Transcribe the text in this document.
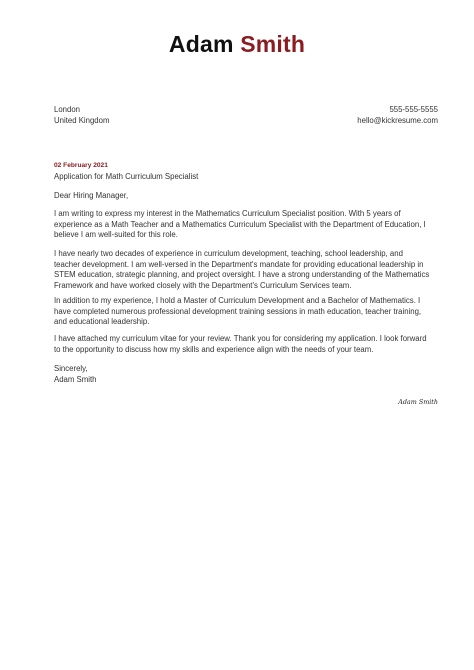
Adam Smith
London
United Kingdom
555-555-5555
hello@kickresume.com
02 February 2021
Application for Math Curriculum Specialist
Dear Hiring Manager,
I am writing to express my interest in the Mathematics Curriculum Specialist position. With 5 years of
experience as a Math Teacher and a Mathematics Curriculum Specialist with the Department of Education, I
believe I am well-suited for this role.
I have nearly two decades of experience in curriculum development, teaching, school leadership, and
teacher development. I am well-versed in the Department's mandate for providing educational leadership in
STEM education, strategic planning, and project oversight. I have a strong understanding of the Mathematics
Framework and have worked closely with the Department's Curriculum Services team.
In addition to my experience, I hold a Master of Curriculum Development and a Bachelor of Mathematics. I
have completed numerous professional development training sessions in math education, teacher training,
and educational leadership.
I have attached my curriculum vitae for your review. Thank you for considering my application. I look forward
to the opportunity to discuss how my skills and experience align with the needs of your team.
Sincerely,
Adam Smith
Adam Smith
